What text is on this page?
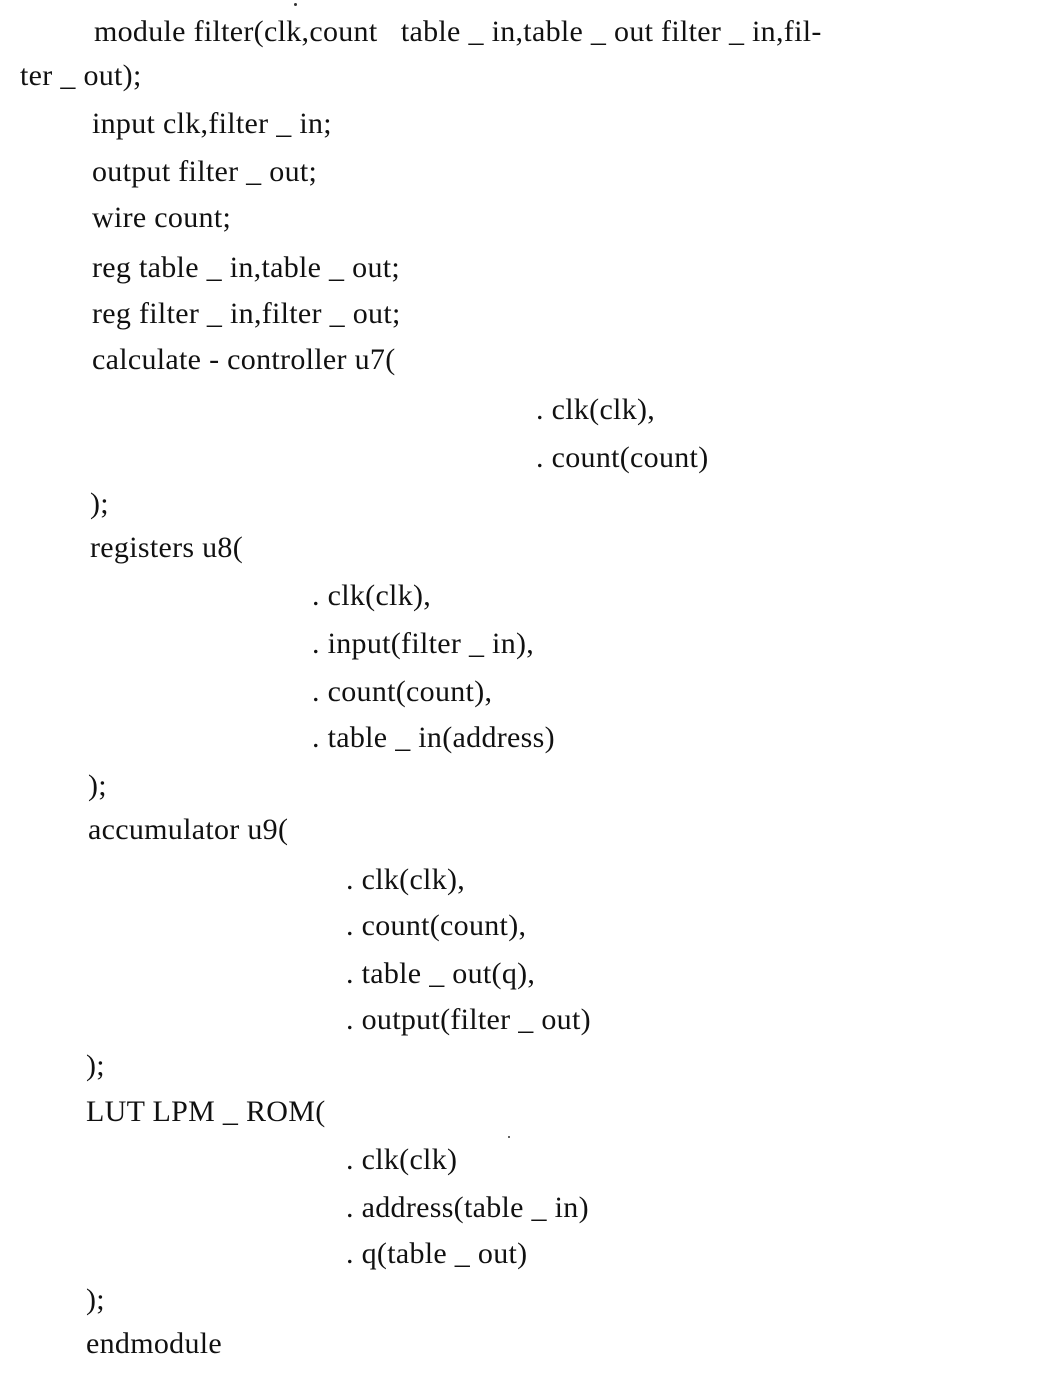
module filter(clk,count   table _ in,table _ out filter _ in,fil-
ter _ out);
input clk,filter _ in;
output filter _ out;
wire count;
reg table _ in,table _ out;
reg filter _ in,filter _ out;
calculate - controller u7(
. clk(clk),
. count(count)
);
registers u8(
. clk(clk),
. input(filter _ in),
. count(count),
. table _ in(address)
);
accumulator u9(
. clk(clk),
. count(count),
. table _ out(q),
. output(filter _ out)
);
LUT LPM _ ROM(
. clk(clk)
. address(table _ in)
. q(table _ out)
);
endmodule
